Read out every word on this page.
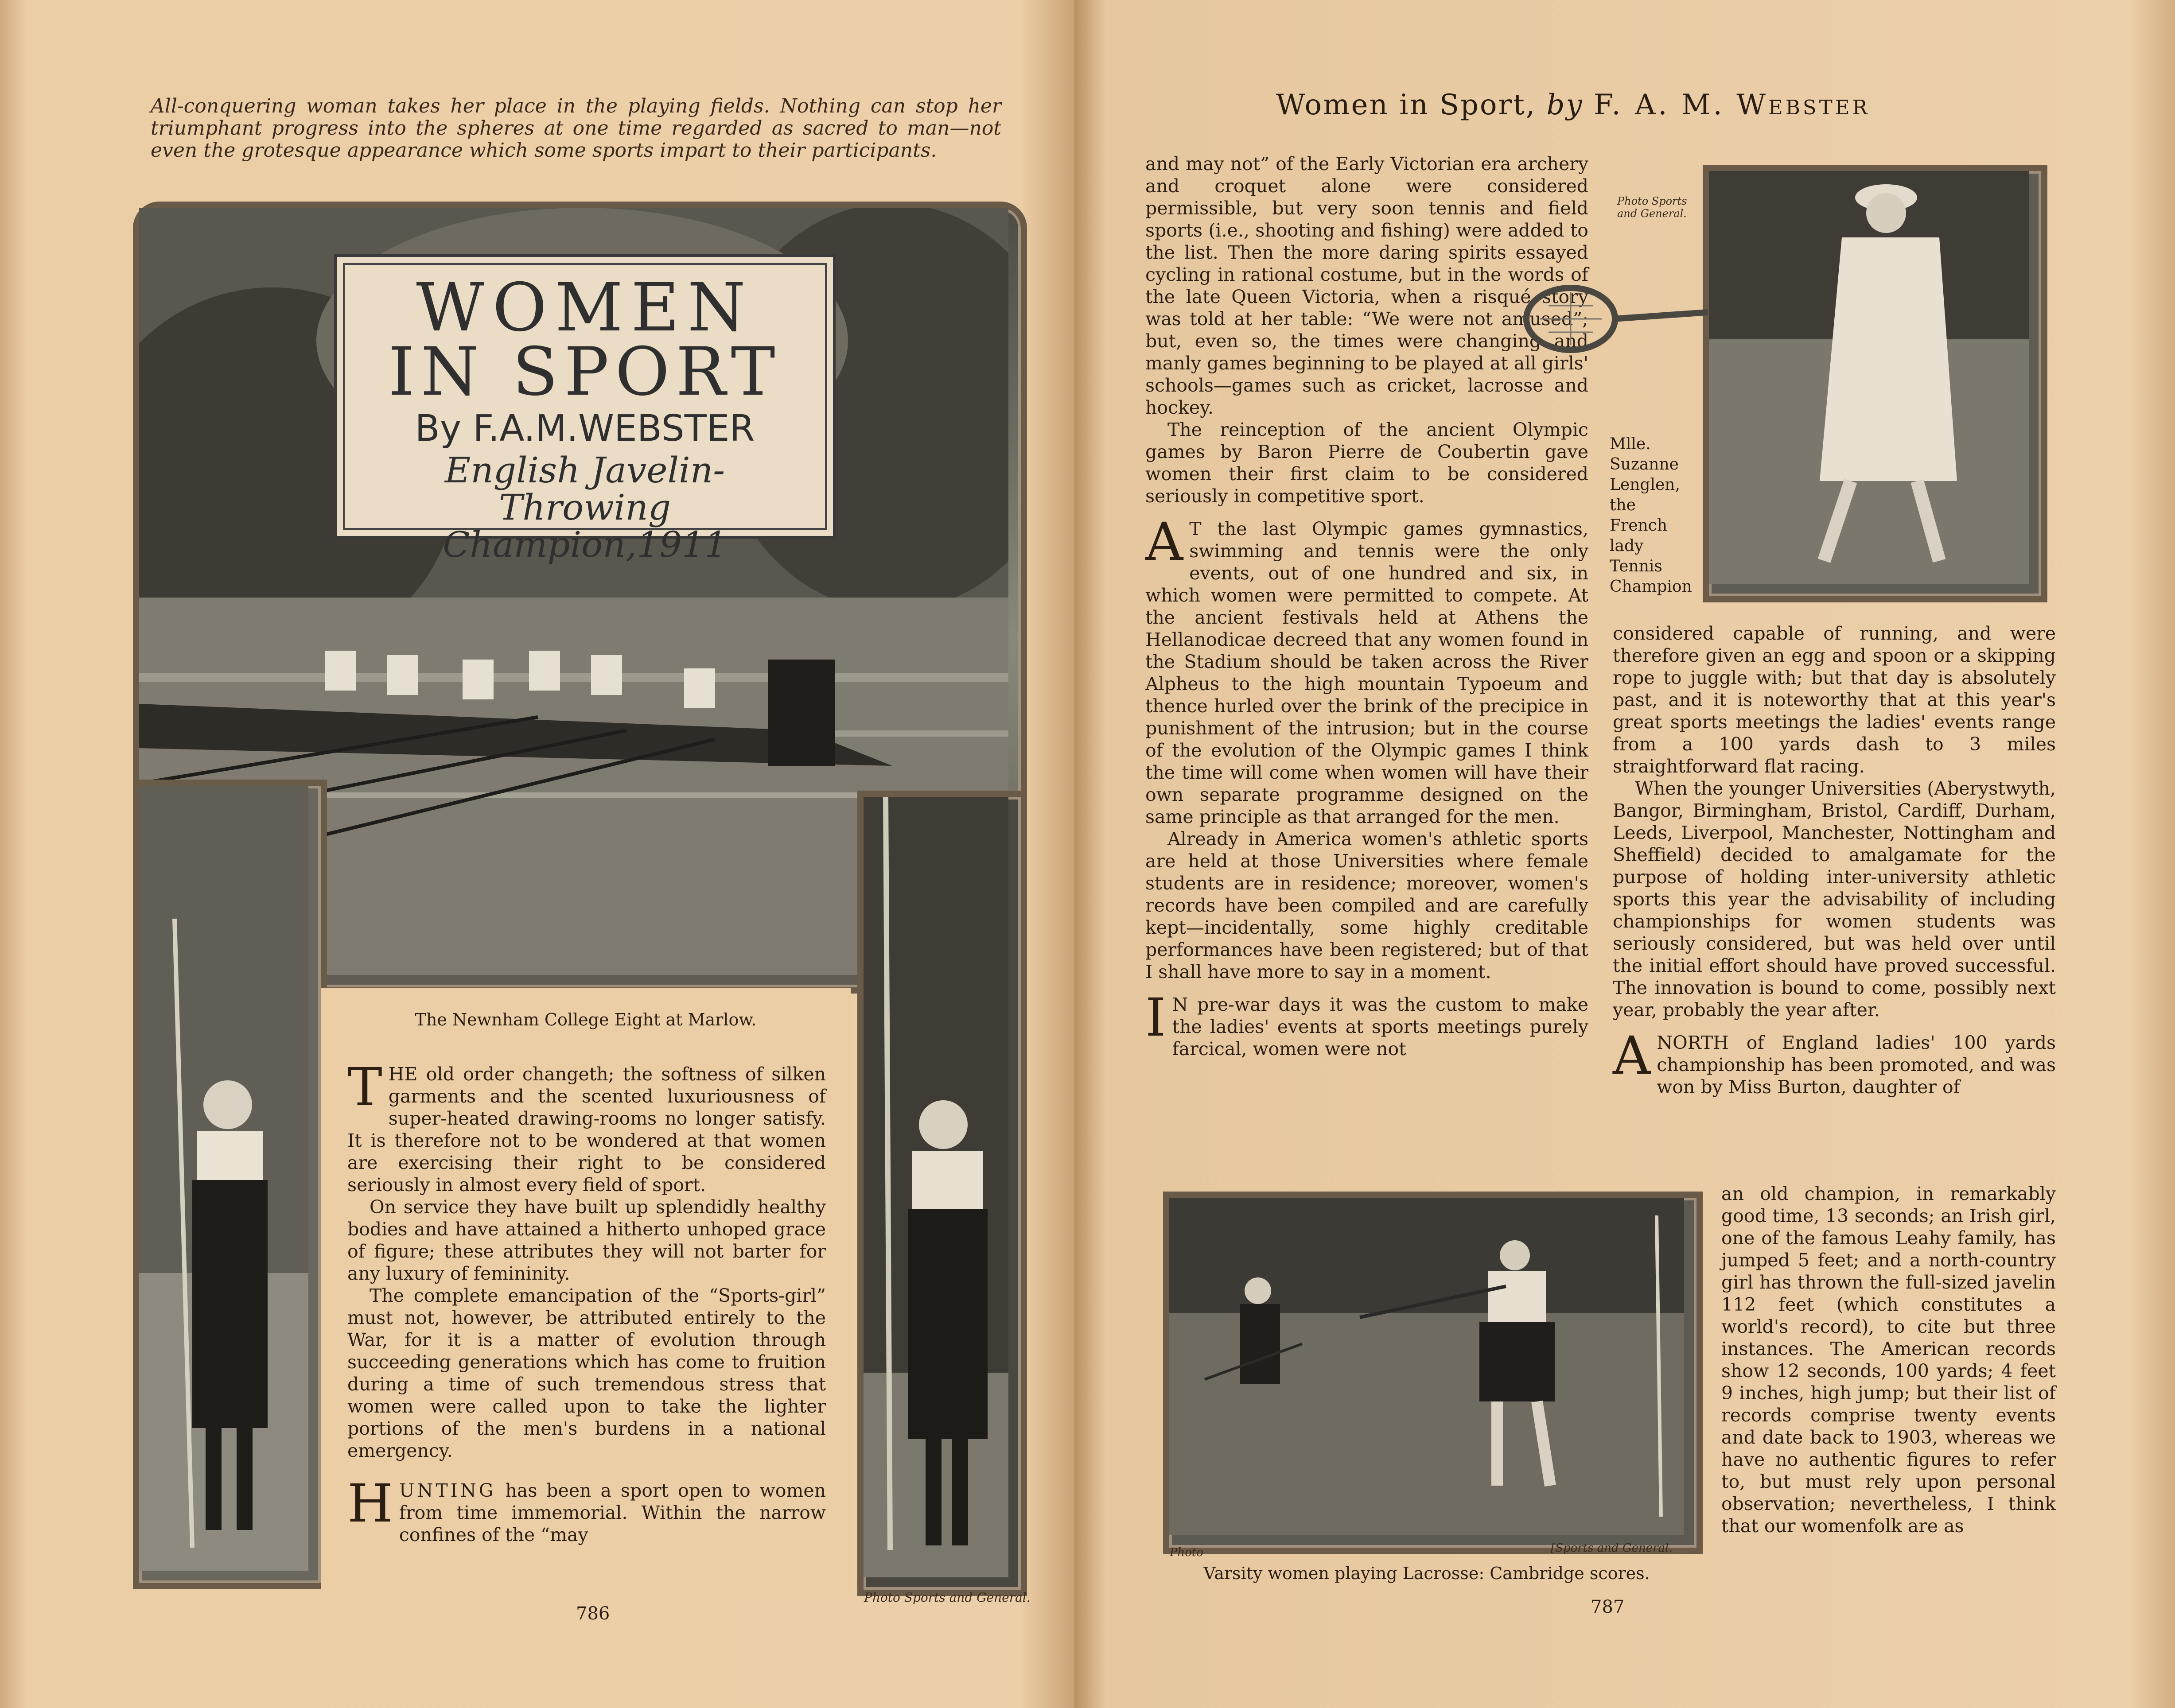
All-conquering woman takes her place in the playing fields. Nothing can stop her triumphant progress into the spheres at one time regarded as sacred to man—not even the grotesque appearance which some sports impart to their participants.
WOMEN
IN SPORT
By F.A.M.WEBSTER
English Javelin-
Throwing Champion,1911
The Newnham College Eight at Marlow.

THE old order changeth; the softness of silken garments and the scented luxuriousness of super-heated drawing-rooms no longer satisfy. It is therefore not to be wondered at that women are exercising their right to be considered seriously in almost every field of sport.

On service they have built up splendidly healthy bodies and have attained a hitherto unhoped grace of figure; these attributes they will not barter for any luxury of femininity.

The complete emancipation of the “Sports-girl” must not, however, be attributed entirely to the War, for it is a matter of evolution through succeeding generations which has come to fruition during a time of such tremendous stress that women were called upon to take the lighter portions of the men's burdens in a national emergency.

HUNTING has been a sport open to women from time immemorial. Within the narrow confines of the “may

Photo Sports and General.
786
Women in Sport, by F. A. M. Webster

and may not” of the Early Victorian era archery and croquet alone were considered permissible, but very soon tennis and field sports (i.e., shooting and fishing) were added to the list. Then the more daring spirits essayed cycling in rational costume, but in the words of the late Queen Victoria, when a risqué story was told at her table: “We were not amused”; but, even so, the times were changing and manly games beginning to be played at all girls' schools—games such as cricket, lacrosse and hockey.

The reinception of the ancient Olympic games by Baron Pierre de Coubertin gave women their first claim to be considered seriously in competitive sport.

A T the last Olympic games gymnastics, swimming and tennis were the only events, out of one hundred and six, in which women were permitted to compete. At the ancient festivals held at Athens the Hellanodicae decreed that any women found in the Stadium should be taken across the River Alpheus to the high mountain Typoeum and thence hurled over the brink of the precipice in punishment of the intrusion; but in the course of the evolution of the Olympic games I think the time will come when women will have their own separate programme designed on the same principle as that arranged for the men.

Already in America women's athletic sports are held at those Universities where female students are in residence; moreover, women's records have been compiled and are carefully kept—incidentally, some highly creditable performances have been registered; but of that I shall have more to say in a moment.

I N pre-war days it was the custom to make the ladies' events at sports meetings purely farcical, women were not

Photo Sports and General.
Mlle. Suzanne Lenglen, the French lady Tennis Champion

considered capable of running, and were therefore given an egg and spoon or a skipping rope to juggle with; but that day is absolutely past, and it is noteworthy that at this year's great sports meetings the ladies' events range from a 100 yards dash to 3 miles straightforward flat racing.

When the younger Universities (Aberystwyth, Bangor, Birmingham, Bristol, Cardiff, Durham, Leeds, Liverpool, Manchester, Nottingham and Sheffield) decided to amalgamate for the purpose of holding inter-university athletic sports this year the advisability of including championships for women students was seriously considered, but was held over until the initial effort should have proved successful. The innovation is bound to come, possibly next year, probably the year after.

ANORTH of England ladies' 100 yards championship has been promoted, and was won by Miss Burton, daughter of

an old champion, in remarkably good time, 13 seconds; an Irish girl, one of the famous Leahy family, has jumped 5 feet; and a north-country girl has thrown the full-sized javelin 112 feet (which constitutes a world's record), to cite but three instances. The American records show 12 seconds, 100 yards; 4 feet 9 inches, high jump; but their list of records comprise twenty events and date back to 1903, whereas we have no authentic figures to refer to, but must rely upon personal observation; nevertheless, I think that our womenfolk are as

Photo	[Sports and General.
Varsity women playing Lacrosse: Cambridge scores.
787
